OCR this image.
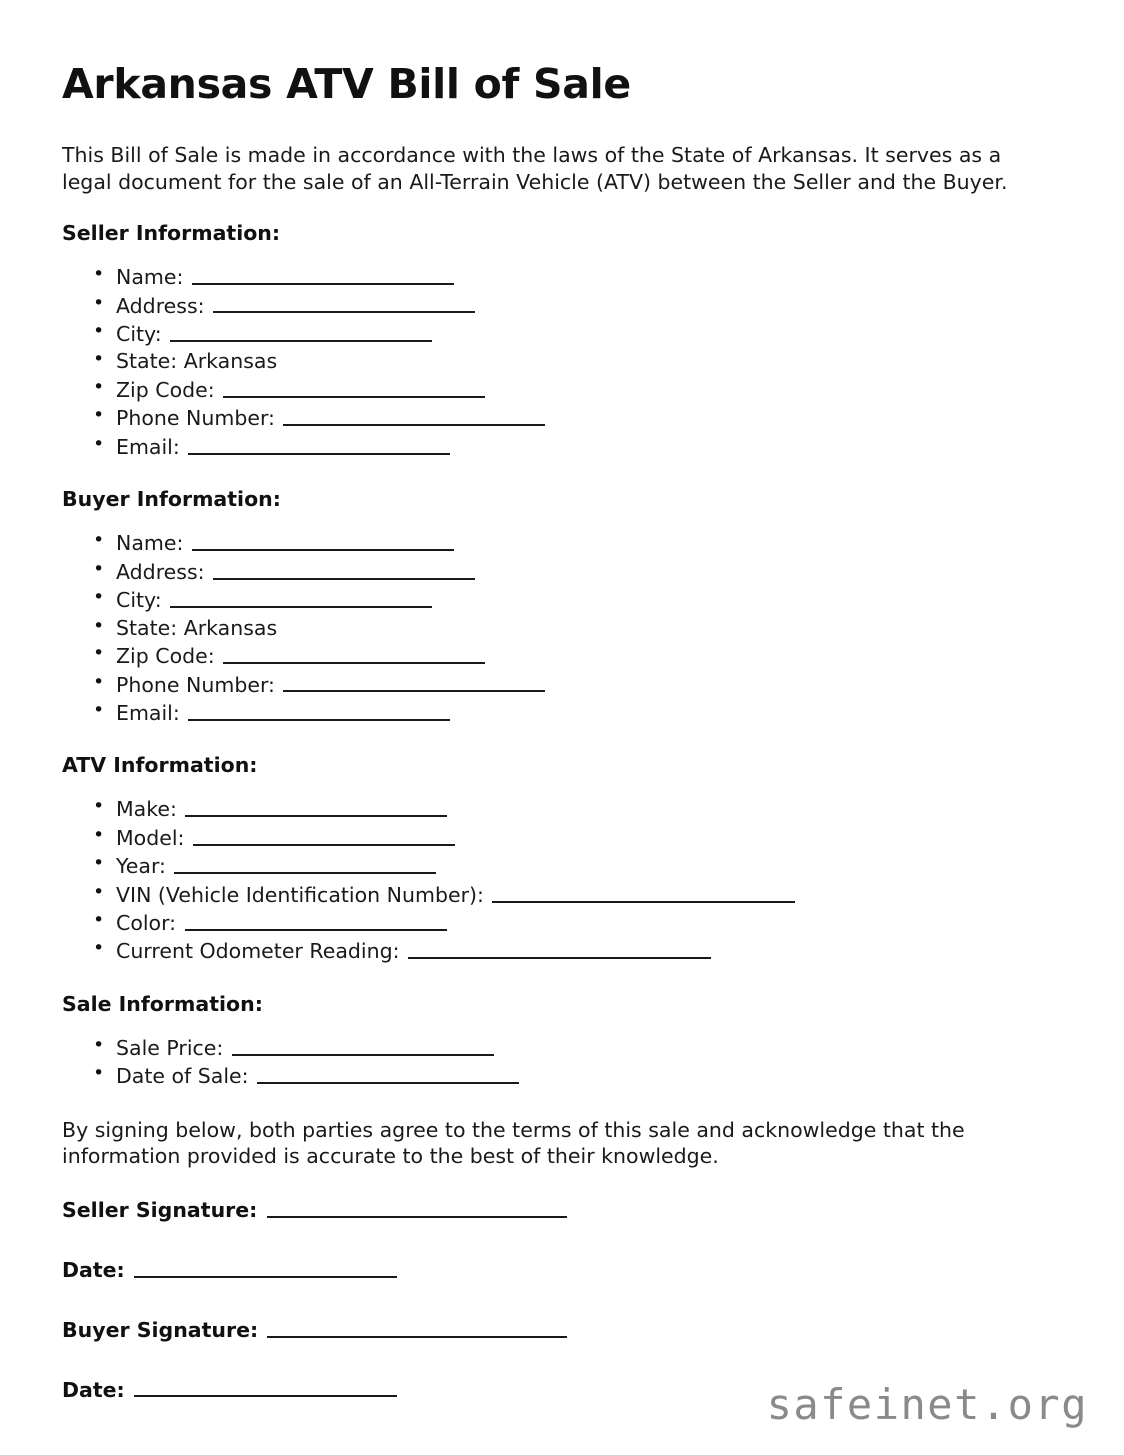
Arkansas ATV Bill of Sale

This Bill of Sale is made in accordance with the laws of the State of Arkansas. It serves as a legal document for the sale of an All-Terrain Vehicle (ATV) between the Seller and the Buyer.

Seller Information:
• Name:
• Address:
• City:
• State: Arkansas
• Zip Code:
• Phone Number:
• Email:
Buyer Information:
• Name:
• Address:
• City:
• State: Arkansas
• Zip Code:
• Phone Number:
• Email:
ATV Information:
• Make:
• Model:
• Year:
• VIN (Vehicle Identification Number):
• Color:
• Current Odometer Reading:
Sale Information:
• Sale Price:
• Date of Sale:

By signing below, both parties agree to the terms of this sale and acknowledge that the information provided is accurate to the best of their knowledge.

Seller Signature:
Date:
Buyer Signature:
Date:	safeinet.org
